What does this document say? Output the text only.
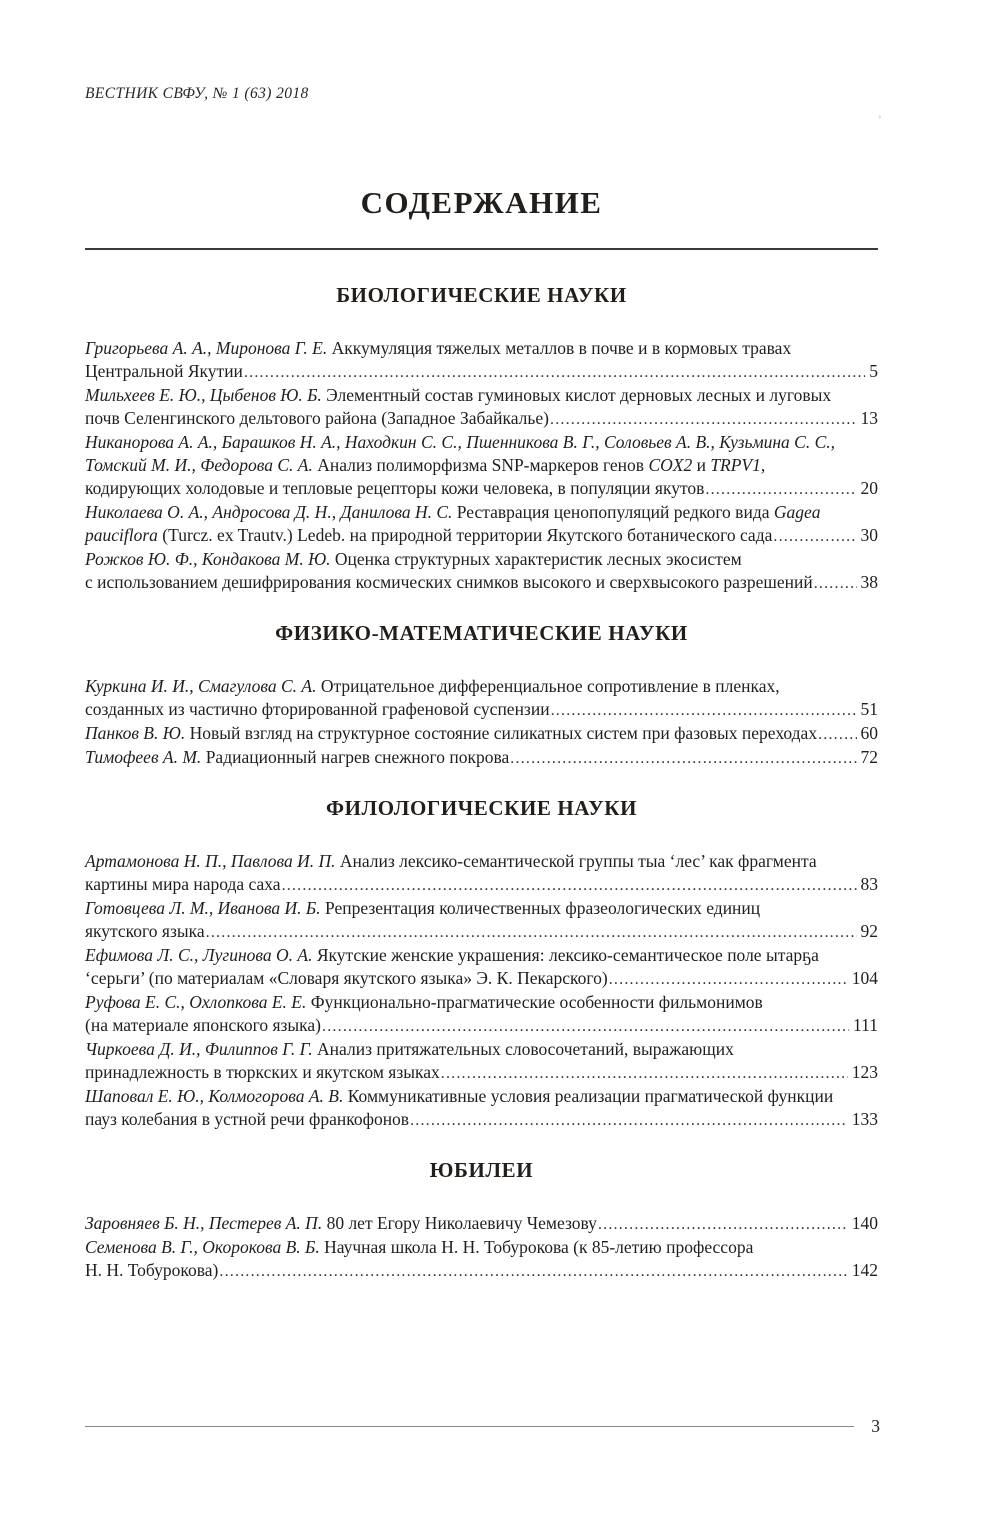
’
ВЕСТНИК СВФУ, № 1 (63) 2018
СОДЕРЖАНИЕ
БИОЛОГИЧЕСКИЕ НАУКИ
Григорьева А. А., Миронова Г. Е. Аккумуляция тяжелых металлов в почве и в кормовых травах
Центральной Якутии .....	5
Мильхеев Е. Ю., Цыбенов Ю. Б. Элементный состав гуминовых кислот дерновых лесных и луговых
почв Селенгинского дельтового района (Западное Забайкалье) .....	13
Никанорова А. А., Барашков Н. А., Находкин С. С., Пшенникова В. Г., Соловьев А. В., Кузьмина С. С.,
Томский М. И., Федорова С. А. Анализ полиморфизма SNP-маркеров генов COX2 и TRPV1,
кодирующих холодовые и тепловые рецепторы кожи человека, в популяции якутов .....	20
Николаева О. А., Андросова Д. Н., Данилова Н. С. Реставрация ценопопуляций редкого вида Gagea
pauciflora (Turcz. ex Trautv.) Ledeb. на природной территории Якутского ботанического сада .....	30
Рожков Ю. Ф., Кондакова М. Ю. Оценка структурных характеристик лесных экосистем
с использованием дешифрирования космических снимков высокого и сверхвысокого разрешений .....	38
ФИЗИКО-МАТЕМАТИЧЕСКИЕ НАУКИ
Куркина И. И., Смагулова С. А. Отрицательное дифференциальное сопротивление в пленках,
созданных из частично фторированной графеновой суспензии .....	51
Панков В. Ю. Новый взгляд на структурное состояние силикатных систем при фазовых переходах ..... 60
Тимофеев А. М. Радиационный нагрев снежного покрова .....	72
ФИЛОЛОГИЧЕСКИЕ НАУКИ
Артамонова Н. П., Павлова И. П. Анализ лексико-семантической группы тыа ‘лес’ как фрагмента
картины мира народа саха .....	83
Готовцева Л. М., Иванова И. Б. Репрезентация количественных фразеологических единиц
якутского языка .....	92
Ефимова Л. С., Лугинова О. А. Якутские женские украшения: лексико-семантическое поле ытарҕа
‘серьги’ (по материалам «Словаря якутского языка» Э. К. Пекарского) .....	104
Руфова Е. С., Охлопкова Е. Е. Функционально-прагматические особенности фильмонимов
(на материале японского языка) .....	111
Чиркоева Д. И., Филиппов Г. Г. Анализ притяжательных словосочетаний, выражающих
принадлежность в тюркских и якутском языках .....	123
Шаповал Е. Ю., Колмогорова А. В. Коммуникативные условия реализации прагматической функции
пауз колебания в устной речи франкофонов .....	133
ЮБИЛЕИ
Заровняев Б. Н., Пестерев А. П. 80 лет Егору Николаевичу Чемезову .....	140
Семенова В. Г., Окорокова В. Б. Научная школа Н. Н. Тобурокова (к 85-летию профессора
Н. Н. Тобурокова) .....	142
3
